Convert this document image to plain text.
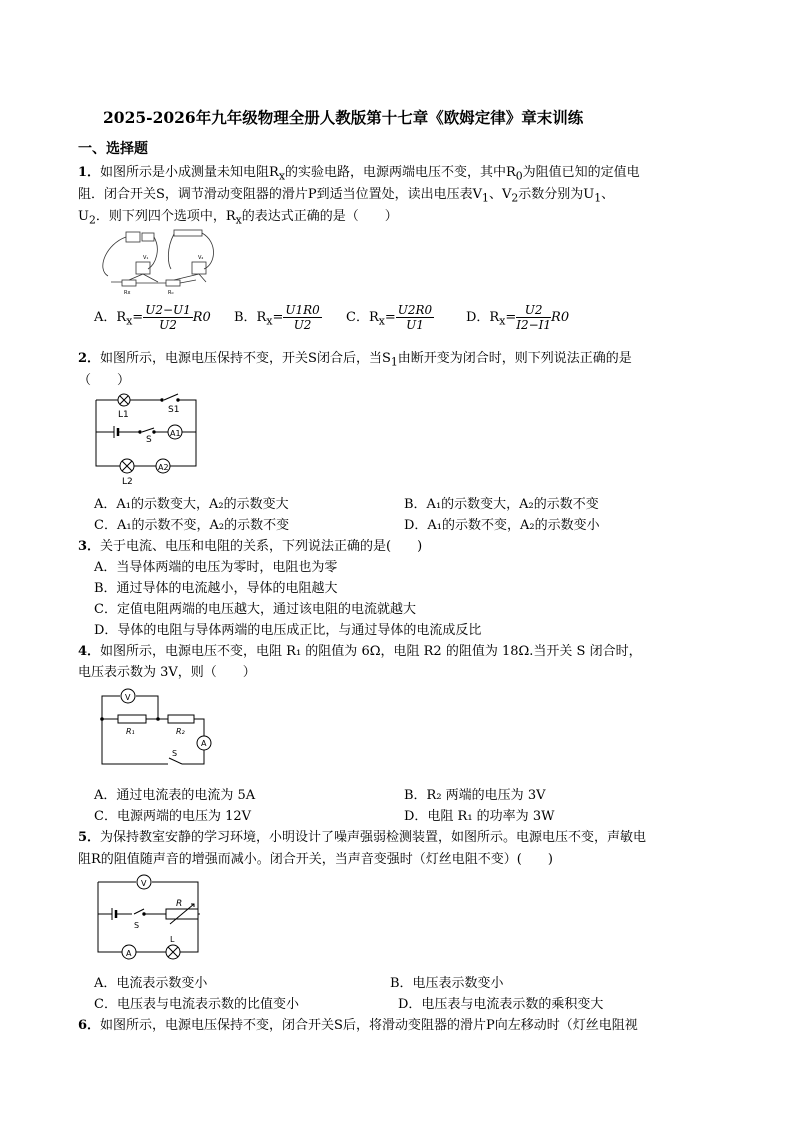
2025-2026年九年级物理全册人教版第十七章《欧姆定律》章末训练
一、选择题
1．如图所示是小成测量未知电阻$R_x$的实验电路，电源两端电压不变，其中$R_0$为阻值已知的定值电
阻．闭合开关S，调节滑动变阻器的滑片P到适当位置处，读出电压表$V_1$、$V_2$示数分别为$U_1$、
$U_2$．则下列四个选项中，$R_x$的表达式正确的是（　　）
V₁	V₂
Rx	R₀
A．$R_x= \frac{U2-U1}{U2} R0$ B．$R_x= \frac{U1R0}{U2}$ C．$R_x= \frac{U2R0}{U1}$ D．$R_x= \frac{U2}{I2-I1} R0$
2．如图所示，电源电压保持不变，开关S闭合后，当$S_1$由断开变为闭合时，则下列说法正确的是
（　　）
L1	S1
S
A1
A2
L2
A．A₁的示数变大，A₂的示数变大	B．A₁的示数变大，A₂的示数不变
C．A₁的示数不变，A₂的示数不变	D．A₁的示数不变，A₂的示数变小
3．关于电流、电压和电阻的关系，下列说法正确的是(　　)
A．当导体两端的电压为零时，电阻也为零
B．通过导体的电流越小，导体的电阻越大
C．定值电阻两端的电压越大，通过该电阻的电流就越大
D．导体的电阻与导体两端的电压成正比，与通过导体的电流成反比
4．如图所示，电源电压不变，电阻 R₁ 的阻值为 6Ω，电阻 R2 的阻值为 18Ω.当开关 S 闭合时，
电压表示数为 3V，则（　　）
V
R₁	R₂
A
S
A．通过电流表的电流为 5A	B．R₂ 两端的电压为 3V
C．电源两端的电压为 12V	D．电阻 R₁ 的功率为 3W
5．为保持教室安静的学习环境，小明设计了噪声强弱检测装置，如图所示。电源电压不变，声敏电
阻R的阻值随声音的增强而减小。闭合开关，当声音变强时（灯丝电阻不变）(　　)
V
R
S
A
L
A．电流表示数变小	B．电压表示数变小
C．电压表与电流表示数的比值变小	D．电压表与电流表示数的乘积变大
6．如图所示，电源电压保持不变，闭合开关S后，将滑动变阻器的滑片P向左移动时（灯丝电阻视
